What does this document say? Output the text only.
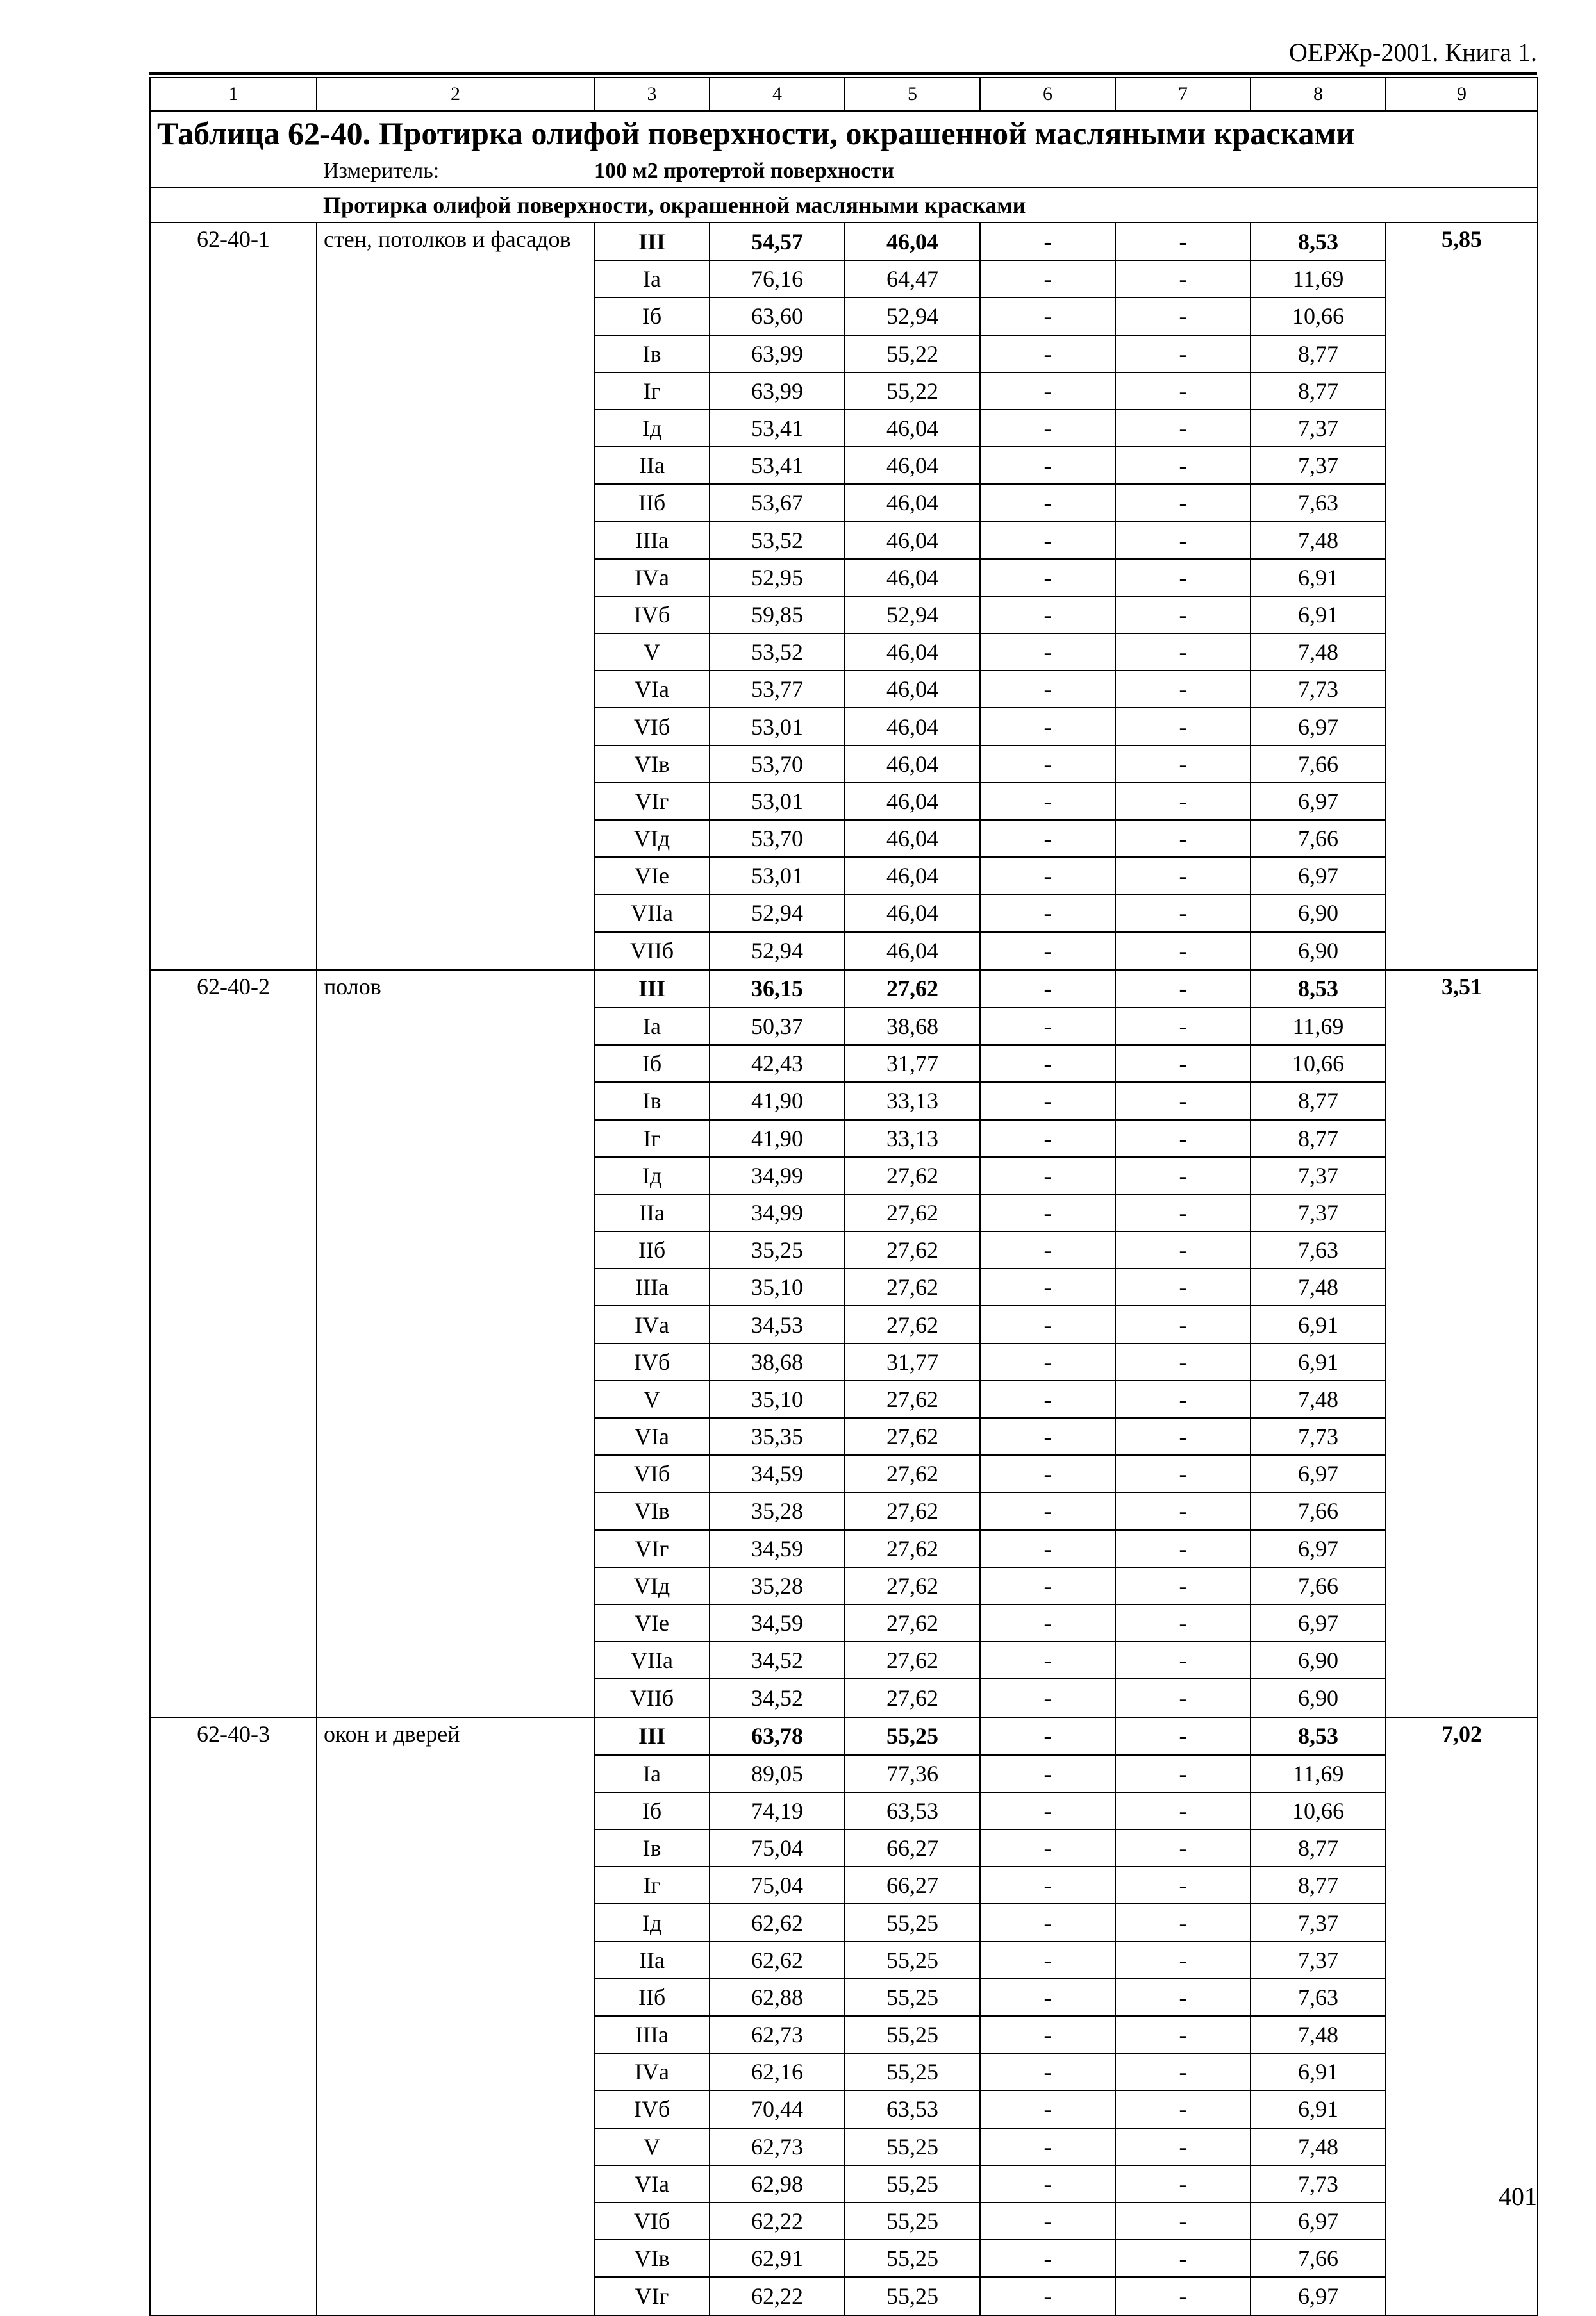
ОЕРЖр-2001. Книга 1.
1	2	3	4	5	6	7	8	9
Таблица 62-40. Протирка олифой поверхности, окрашенной масляными красками								
	Измеритель:	100 м2 протертой поверхности						
	Протирка олифой поверхности, окрашенной масляными красками							
62-40-1	стен, потолков и фасадов	III	54,57	46,04	-	-	8,53	5,85
		Iа	76,16	64,47	-	-	11,69	
		Iб	63,60	52,94	-	-	10,66	
		Iв	63,99	55,22	-	-	8,77	
		Iг	63,99	55,22	-	-	8,77	
		Iд	53,41	46,04	-	-	7,37	
		IIа	53,41	46,04	-	-	7,37	
		IIб	53,67	46,04	-	-	7,63	
		IIIа	53,52	46,04	-	-	7,48	
		IVа	52,95	46,04	-	-	6,91	
		IVб	59,85	52,94	-	-	6,91	
		V	53,52	46,04	-	-	7,48	
		VIа	53,77	46,04	-	-	7,73	
		VIб	53,01	46,04	-	-	6,97	
		VIв	53,70	46,04	-	-	7,66	
		VIг	53,01	46,04	-	-	6,97	
		VIд	53,70	46,04	-	-	7,66	
		VIе	53,01	46,04	-	-	6,97	
		VIIа	52,94	46,04	-	-	6,90	
		VIIб	52,94	46,04	-	-	6,90	
62-40-2	полов	III	36,15	27,62	-	-	8,53	3,51
		Iа	50,37	38,68	-	-	11,69	
		Iб	42,43	31,77	-	-	10,66	
		Iв	41,90	33,13	-	-	8,77	
		Iг	41,90	33,13	-	-	8,77	
		Iд	34,99	27,62	-	-	7,37	
		IIа	34,99	27,62	-	-	7,37	
		IIб	35,25	27,62	-	-	7,63	
		IIIа	35,10	27,62	-	-	7,48	
		IVа	34,53	27,62	-	-	6,91	
		IVб	38,68	31,77	-	-	6,91	
		V	35,10	27,62	-	-	7,48	
		VIа	35,35	27,62	-	-	7,73	
		VIб	34,59	27,62	-	-	6,97	
		VIв	35,28	27,62	-	-	7,66	
		VIг	34,59	27,62	-	-	6,97	
		VIд	35,28	27,62	-	-	7,66	
		VIе	34,59	27,62	-	-	6,97	
		VIIа	34,52	27,62	-	-	6,90	
		VIIб	34,52	27,62	-	-	6,90	
62-40-3	окон и дверей	III	63,78	55,25	-	-	8,53	7,02
		Iа	89,05	77,36	-	-	11,69	
		Iб	74,19	63,53	-	-	10,66	
		Iв	75,04	66,27	-	-	8,77	
		Iг	75,04	66,27	-	-	8,77	
		Iд	62,62	55,25	-	-	7,37	
		IIа	62,62	55,25	-	-	7,37	
		IIб	62,88	55,25	-	-	7,63	
		IIIа	62,73	55,25	-	-	7,48	
		IVа	62,16	55,25	-	-	6,91	
		IVб	70,44	63,53	-	-	6,91	
		V	62,73	55,25	-	-	7,48	
		VIа	62,98	55,25	-	-	7,73	
		VIб	62,22	55,25	-	-	6,97	
		VIв	62,91	55,25	-	-	7,66	
		VIг	62,22	55,25	-	-	6,97	
401
